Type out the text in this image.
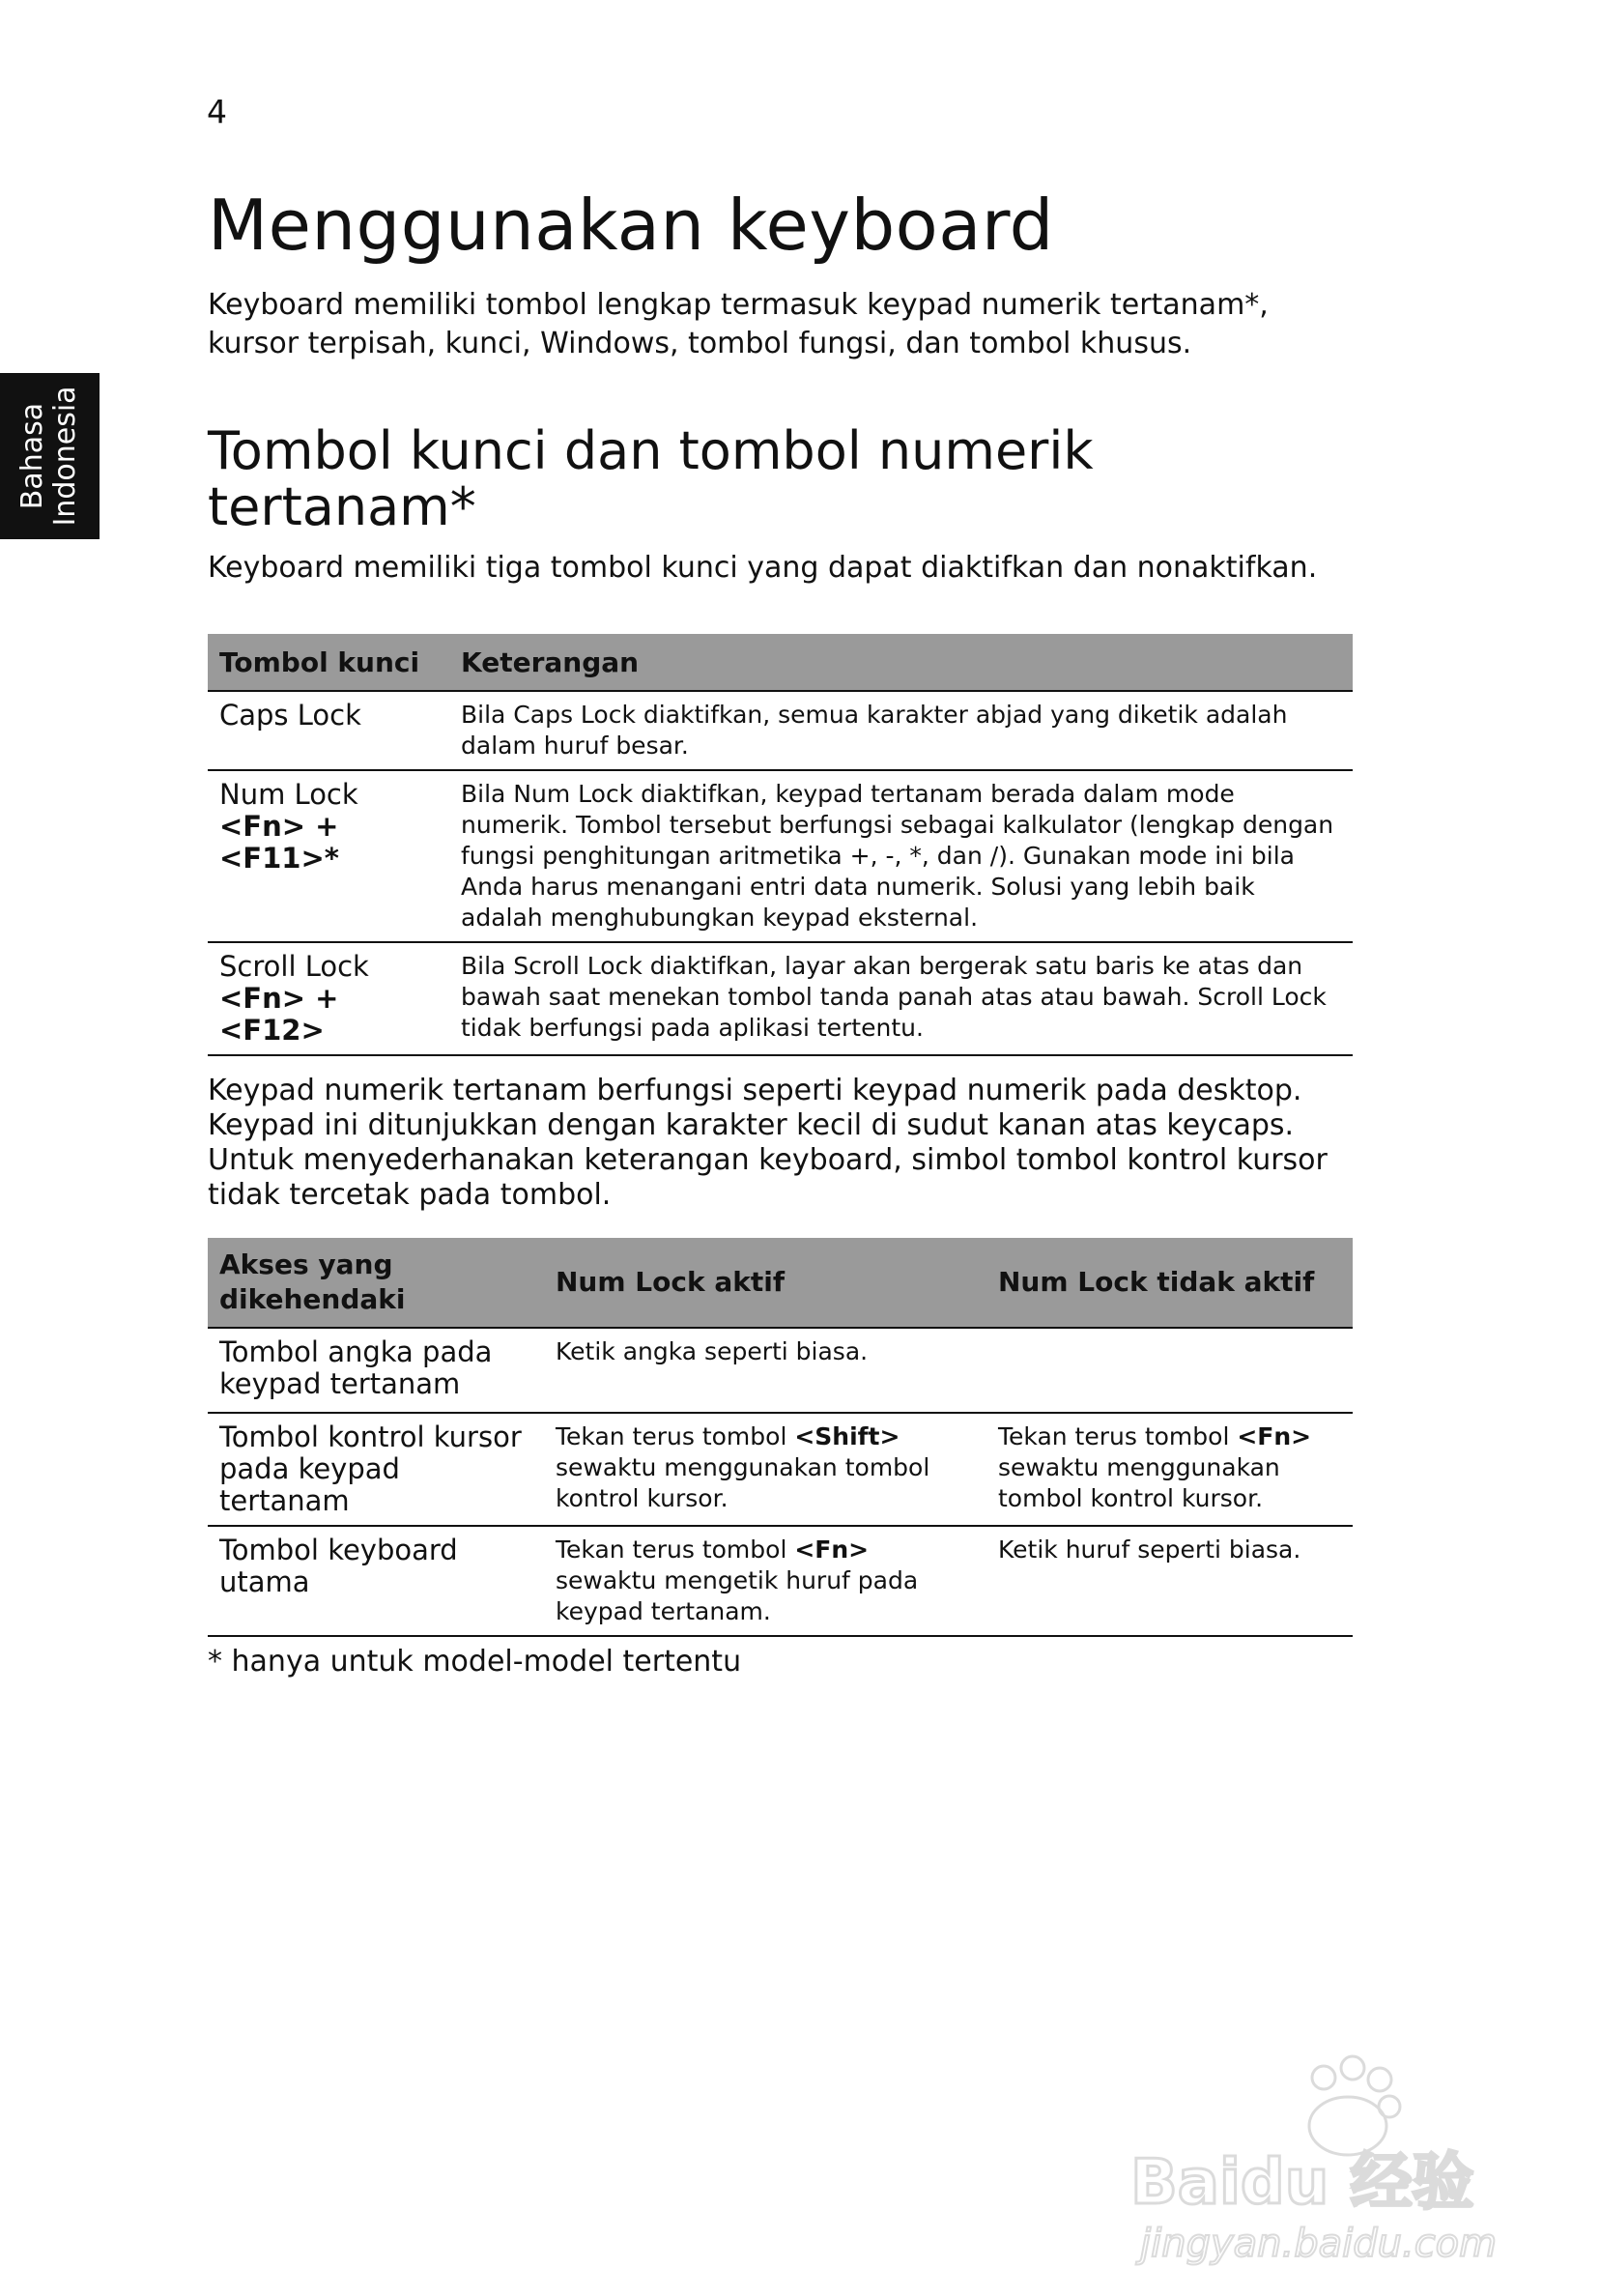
4
Bahasa Indonesia
Menggunakan keyboard

Keyboard memiliki tombol lengkap termasuk keypad numerik tertanam*, kursor terpisah, kunci, Windows, tombol fungsi, dan tombol khusus.

Tombol kunci dan tombol numerik tertanam*

Keyboard memiliki tiga tombol kunci yang dapat diaktifkan dan nonaktifkan.

Tombol kunci	Keterangan

Caps Lock	Bila Caps Lock diaktifkan, semua karakter abjad yang diketik adalah dalam huruf besar.

Num Lock
<Fn> + <F11>*	Bila Num Lock diaktifkan, keypad tertanam berada dalam mode numerik. Tombol tersebut berfungsi sebagai kalkulator (lengkap dengan fungsi penghitungan aritmetika +, -, *, dan /). Gunakan mode ini bila Anda harus menangani entri data numerik. Solusi yang lebih baik adalah menghubungkan keypad eksternal.

Scroll Lock
<Fn> + <F12>	Bila Scroll Lock diaktifkan, layar akan bergerak satu baris ke atas dan bawah saat menekan tombol tanda panah atas atau bawah. Scroll Lock tidak berfungsi pada aplikasi tertentu.

Keypad numerik tertanam berfungsi seperti keypad numerik pada desktop. Keypad ini ditunjukkan dengan karakter kecil di sudut kanan atas keycaps. Untuk menyederhanakan keterangan keyboard, simbol tombol kontrol kursor tidak tercetak pada tombol.

Akses yang dikehendaki	Num Lock aktif	Num Lock tidak aktif
Tombol angka pada keypad tertanam	Ketik angka seperti biasa.	
Tombol kontrol kursor pada keypad tertanam	Tekan terus tombol <Shift> sewaktu menggunakan tombol kontrol kursor.	Tekan terus tombol <Fn> sewaktu menggunakan tombol kontrol kursor.
Tombol keyboard utama	Tekan terus tombol <Fn> sewaktu mengetik huruf pada keypad tertanam.	Ketik huruf seperti biasa.

* hanya untuk model-model tertentu

Baidu 经验
jingyan.baidu.com
